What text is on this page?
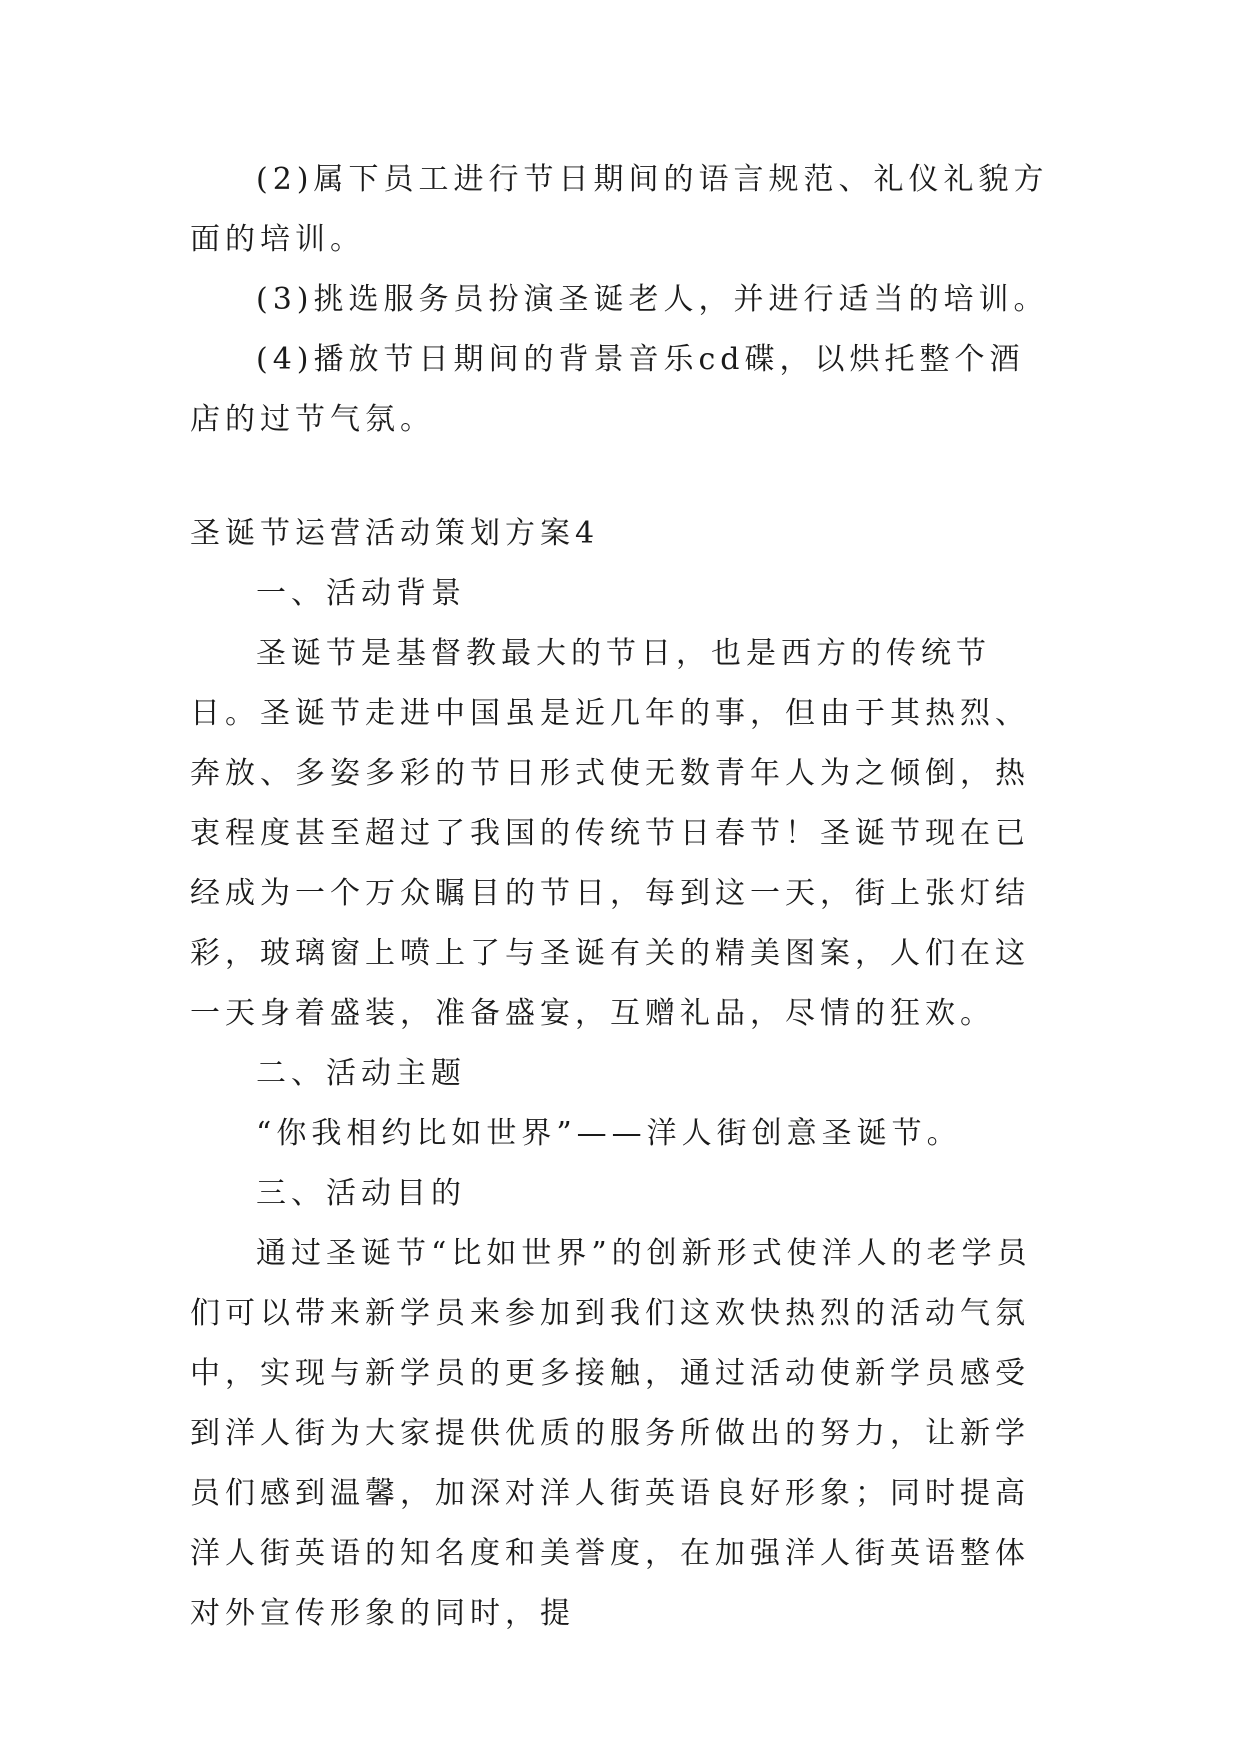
(2)属下员工进行节日期间的语言规范、礼仪礼貌方面的培训。

(3)挑选服务员扮演圣诞老人，并进行适当的培训。

(4)播放节日期间的背景音乐cd碟，以烘托整个酒店的过节气氛。

圣诞节运营活动策划方案4

一、活动背景

圣诞节是基督教最大的节日，也是西方的传统节日。圣诞节走进中国虽是近几年的事，但由于其热烈、奔放、多姿多彩的节日形式使无数青年人为之倾倒，热衷程度甚至超过了我国的传统节日春节！圣诞节现在已经成为一个万众瞩目的节日，每到这一天，街上张灯结彩，玻璃窗上喷上了与圣诞有关的精美图案，人们在这一天身着盛装，准备盛宴，互赠礼品，尽情的狂欢。

二、活动主题

“你我相约比如世界”——洋人街创意圣诞节。

三、活动目的

通过圣诞节“比如世界”的创新形式使洋人的老学员们可以带来新学员来参加到我们这欢快热烈的活动气氛中，实现与新学员的更多接触，通过活动使新学员感受到洋人街为大家提供优质的服务所做出的努力，让新学员们感到温馨，加深对洋人街英语良好形象；同时提高洋人街英语的知名度和美誉度，在加强洋人街英语整体对外宣传形象的同时，提
